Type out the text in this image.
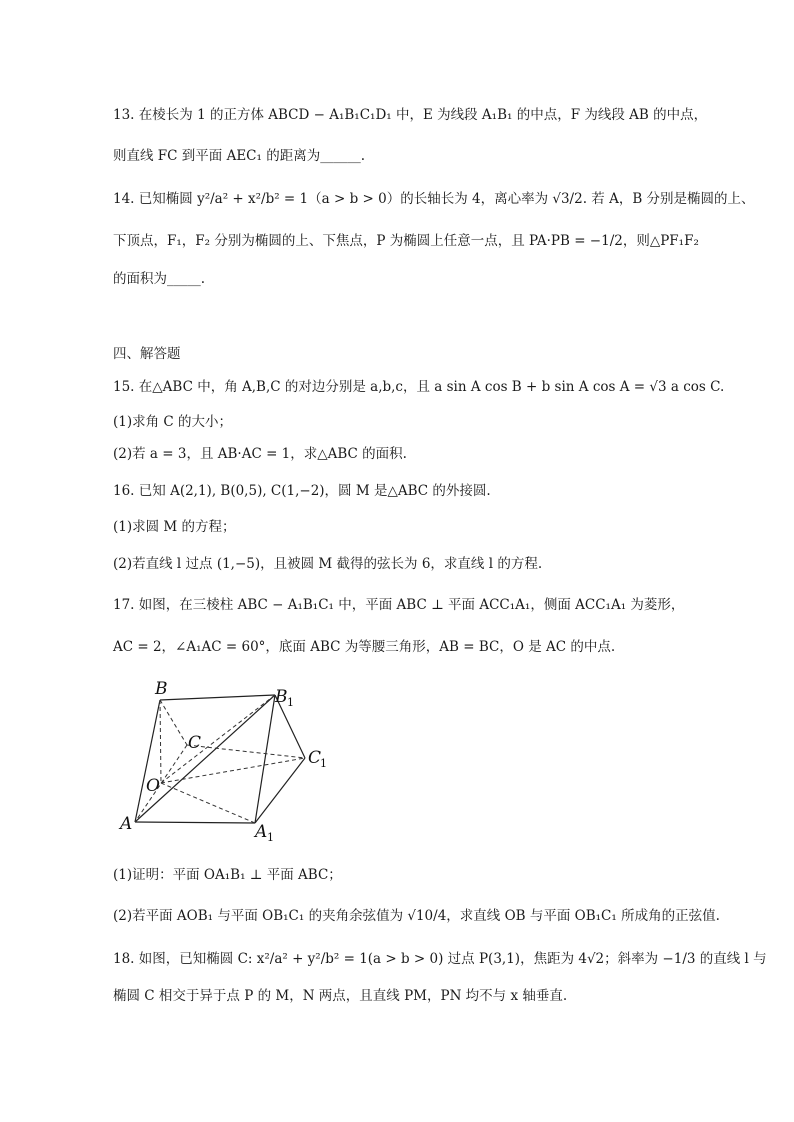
13. 在棱长为 1 的正方体 ABCD − A₁B₁C₁D₁ 中，E 为线段 A₁B₁ 的中点，F 为线段 AB 的中点，
则直线 FC 到平面 AEC₁ 的距离为______.
14. 已知椭圆 y²/a² + x²/b² = 1（a > b > 0）的长轴长为 4，离心率为 √3/2. 若 A，B 分别是椭圆的上、
下顶点，F₁，F₂ 分别为椭圆的上、下焦点，P 为椭圆上任意一点，且 PA·PB = −1/2，则△PF₁F₂
的面积为_____.
四、解答题
15. 在△ABC 中，角 A,B,C 的对边分别是 a,b,c，且 a sin A cos B + b sin A cos A = √3 a cos C.
(1)求角 C 的大小；
(2)若 a = 3，且 AB·AC = 1，求△ABC 的面积.
16. 已知 A(2,1), B(0,5), C(1,−2)，圆 M 是△ABC 的外接圆.
(1)求圆 M 的方程；
(2)若直线 l 过点 (1,−5)，且被圆 M 截得的弦长为 6，求直线 l 的方程.
17. 如图，在三棱柱 ABC − A₁B₁C₁ 中，平面 ABC ⊥ 平面 ACC₁A₁，侧面 ACC₁A₁ 为菱形，
AC = 2，∠A₁AC = 60°，底面 ABC 为等腰三角形，AB = BC，O 是 AC 的中点.
B	B 1
C
C
1
O
A	A 1
(1)证明：平面 OA₁B₁ ⊥ 平面 ABC；
(2)若平面 AOB₁ 与平面 OB₁C₁ 的夹角余弦值为 √10/4，求直线 OB 与平面 OB₁C₁ 所成角的正弦值.
18. 如图，已知椭圆 C: x²/a² + y²/b² = 1(a > b > 0) 过点 P(3,1)，焦距为 4√2；斜率为 −1/3 的直线 l 与
椭圆 C 相交于异于点 P 的 M，N 两点，且直线 PM，PN 均不与 x 轴垂直.
